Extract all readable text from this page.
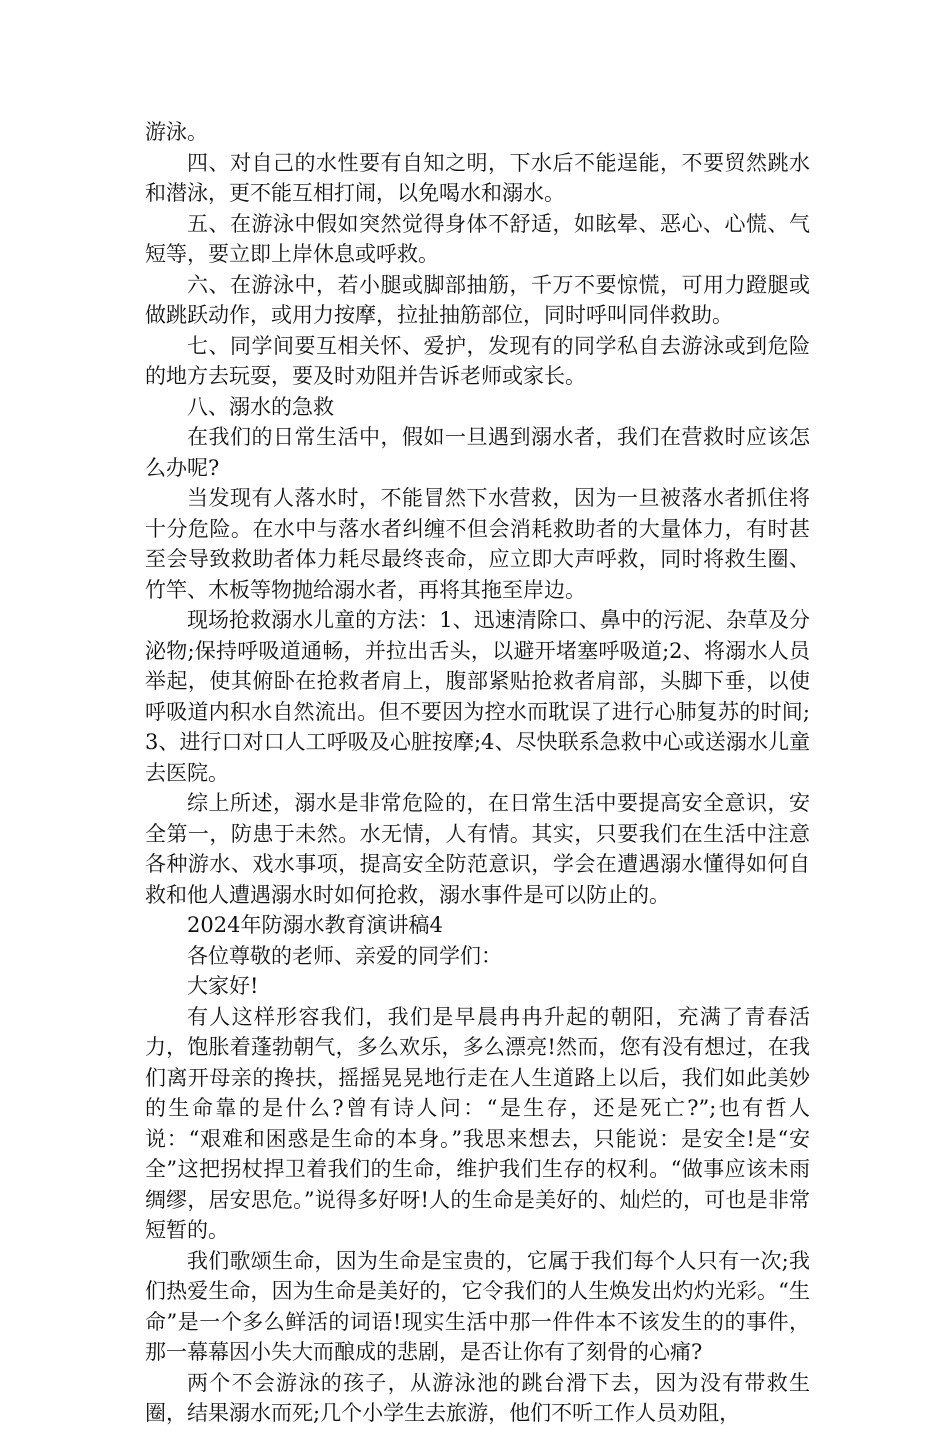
游泳。

四、对自己的水性要有自知之明，下水后不能逞能，不要贸然跳水和潜泳，更不能互相打闹，以免喝水和溺水。

五、在游泳中假如突然觉得身体不舒适，如眩晕、恶心、心慌、气短等，要立即上岸休息或呼救。

六、在游泳中，若小腿或脚部抽筋，千万不要惊慌，可用力蹬腿或做跳跃动作，或用力按摩，拉扯抽筋部位，同时呼叫同伴救助。

七、同学间要互相关怀、爱护，发现有的同学私自去游泳或到危险的地方去玩耍，要及时劝阻并告诉老师或家长。

八、溺水的急救

在我们的日常生活中，假如一旦遇到溺水者，我们在营救时应该怎么办呢?

当发现有人落水时，不能冒然下水营救，因为一旦被落水者抓住将十分危险。在水中与落水者纠缠不但会消耗救助者的大量体力，有时甚至会导致救助者体力耗尽最终丧命，应立即大声呼救，同时将救生圈、竹竿、木板等物抛给溺水者，再将其拖至岸边。

现场抢救溺水儿童的方法：1、迅速清除口、鼻中的污泥、杂草及分泌物;保持呼吸道通畅，并拉出舌头，以避开堵塞呼吸道;2、将溺水人员举起，使其俯卧在抢救者肩上，腹部紧贴抢救者肩部，头脚下垂，以使呼吸道内积水自然流出。但不要因为控水而耽误了进行心肺复苏的时间;3、进行口对口人工呼吸及心脏按摩;4、尽快联系急救中心或送溺水儿童去医院。

综上所述，溺水是非常危险的，在日常生活中要提高安全意识，安全第一，防患于未然。水无情，人有情。其实，只要我们在生活中注意各种游水、戏水事项，提高安全防范意识，学会在遭遇溺水懂得如何自救和他人遭遇溺水时如何抢救，溺水事件是可以防止的。

2024年防溺水教育演讲稿4

各位尊敬的老师、亲爱的同学们：

大家好!

有人这样形容我们，我们是早晨冉冉升起的朝阳，充满了青春活力，饱胀着蓬勃朝气，多么欢乐，多么漂亮!然而，您有没有想过，在我们离开母亲的搀扶，摇摇晃晃地行走在人生道路上以后，我们如此美妙的生命靠的是什么?曾有诗人问：“是生存，还是死亡?”;也有哲人说：“艰难和困惑是生命的本身。”我思来想去，只能说：是安全!是“安全”这把拐杖捍卫着我们的生命，维护我们生存的权利。“做事应该未雨绸缪，居安思危。”说得多好呀!人的生命是美好的、灿烂的，可也是非常短暂的。

我们歌颂生命，因为生命是宝贵的，它属于我们每个人只有一次;我们热爱生命，因为生命是美好的，它令我们的人生焕发出灼灼光彩。“生命”是一个多么鲜活的词语!现实生活中那一件件本不该发生的的事件，那一幕幕因小失大而酿成的悲剧，是否让你有了刻骨的心痛?

两个不会游泳的孩子，从游泳池的跳台滑下去，因为没有带救生圈，结果溺水而死;几个小学生去旅游，他们不听工作人员劝阻，
